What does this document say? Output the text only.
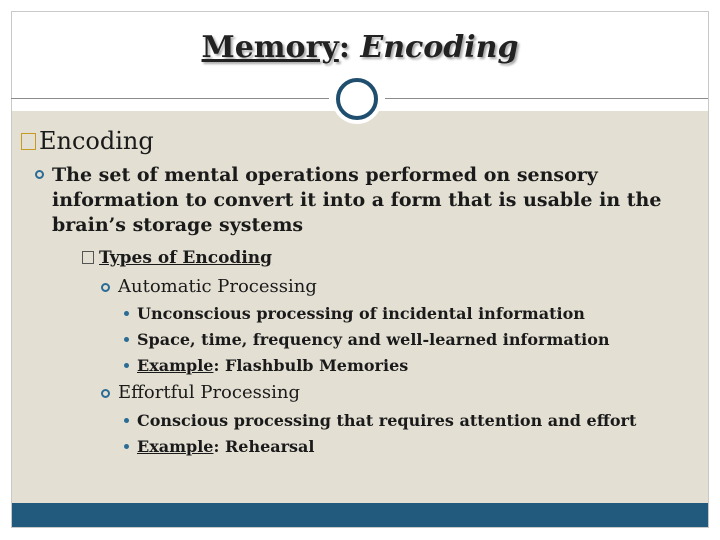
Memory: Encoding
Encoding
The set of mental operations performed on sensory information to convert it into a form that is usable in the brain’s storage systems
Types of Encoding
Automatic Processing
Unconscious processing of incidental information
Space, time, frequency and well-learned information
Example: Flashbulb Memories
Effortful Processing
Conscious processing that requires attention and effort
Example: Rehearsal
